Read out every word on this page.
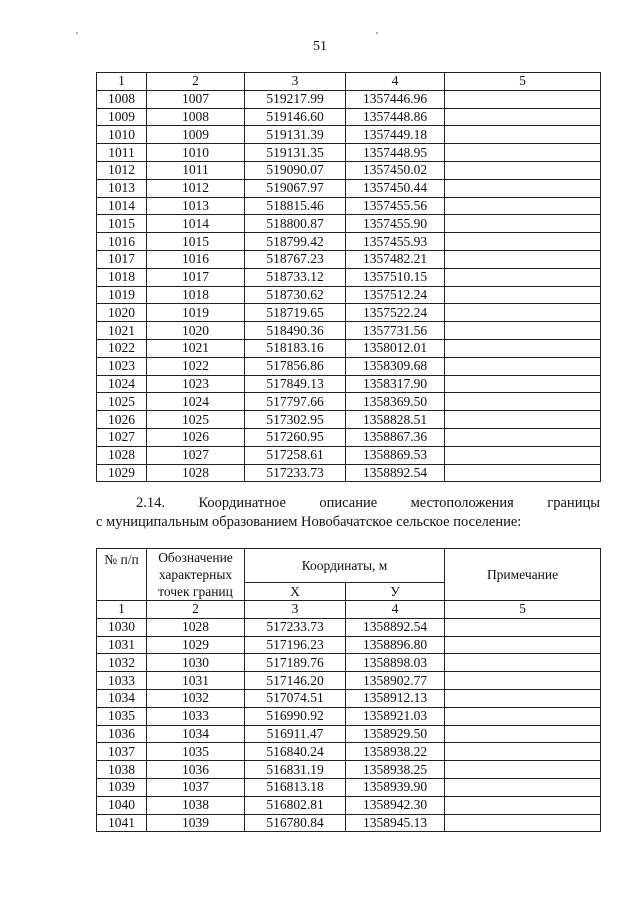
'	'
51
1	2	3	4	5
1008	1007	519217.99	1357446.96	
1009	1008	519146.60	1357448.86	
1010	1009	519131.39	1357449.18	
1011	1010	519131.35	1357448.95	
1012	1011	519090.07	1357450.02	
1013	1012	519067.97	1357450.44	
1014	1013	518815.46	1357455.56	
1015	1014	518800.87	1357455.90	
1016	1015	518799.42	1357455.93	
1017	1016	518767.23	1357482.21	
1018	1017	518733.12	1357510.15	
1019	1018	518730.62	1357512.24	
1020	1019	518719.65	1357522.24	
1021	1020	518490.36	1357731.56	
1022	1021	518183.16	1358012.01	
1023	1022	517856.86	1358309.68	
1024	1023	517849.13	1358317.90	
1025	1024	517797.66	1358369.50	
1026	1025	517302.95	1358828.51	
1027	1026	517260.95	1358867.36	
1028	1027	517258.61	1358869.53	
1029	1028	517233.73	1358892.54	
2.14. Координатное описание местоположения границы
с муниципальным образованием Новобачатское сельское поселение:
№ п/п	Обозначение
характерных
точек границ	Координаты, м		Примечание
		X	У	
1	2	3	4	5
1030	1028	517233.73	1358892.54	
1031	1029	517196.23	1358896.80	
1032	1030	517189.76	1358898.03	
1033	1031	517146.20	1358902.77	
1034	1032	517074.51	1358912.13	
1035	1033	516990.92	1358921.03	
1036	1034	516911.47	1358929.50	
1037	1035	516840.24	1358938.22	
1038	1036	516831.19	1358938.25	
1039	1037	516813.18	1358939.90	
1040	1038	516802.81	1358942.30	
1041	1039	516780.84	1358945.13	
